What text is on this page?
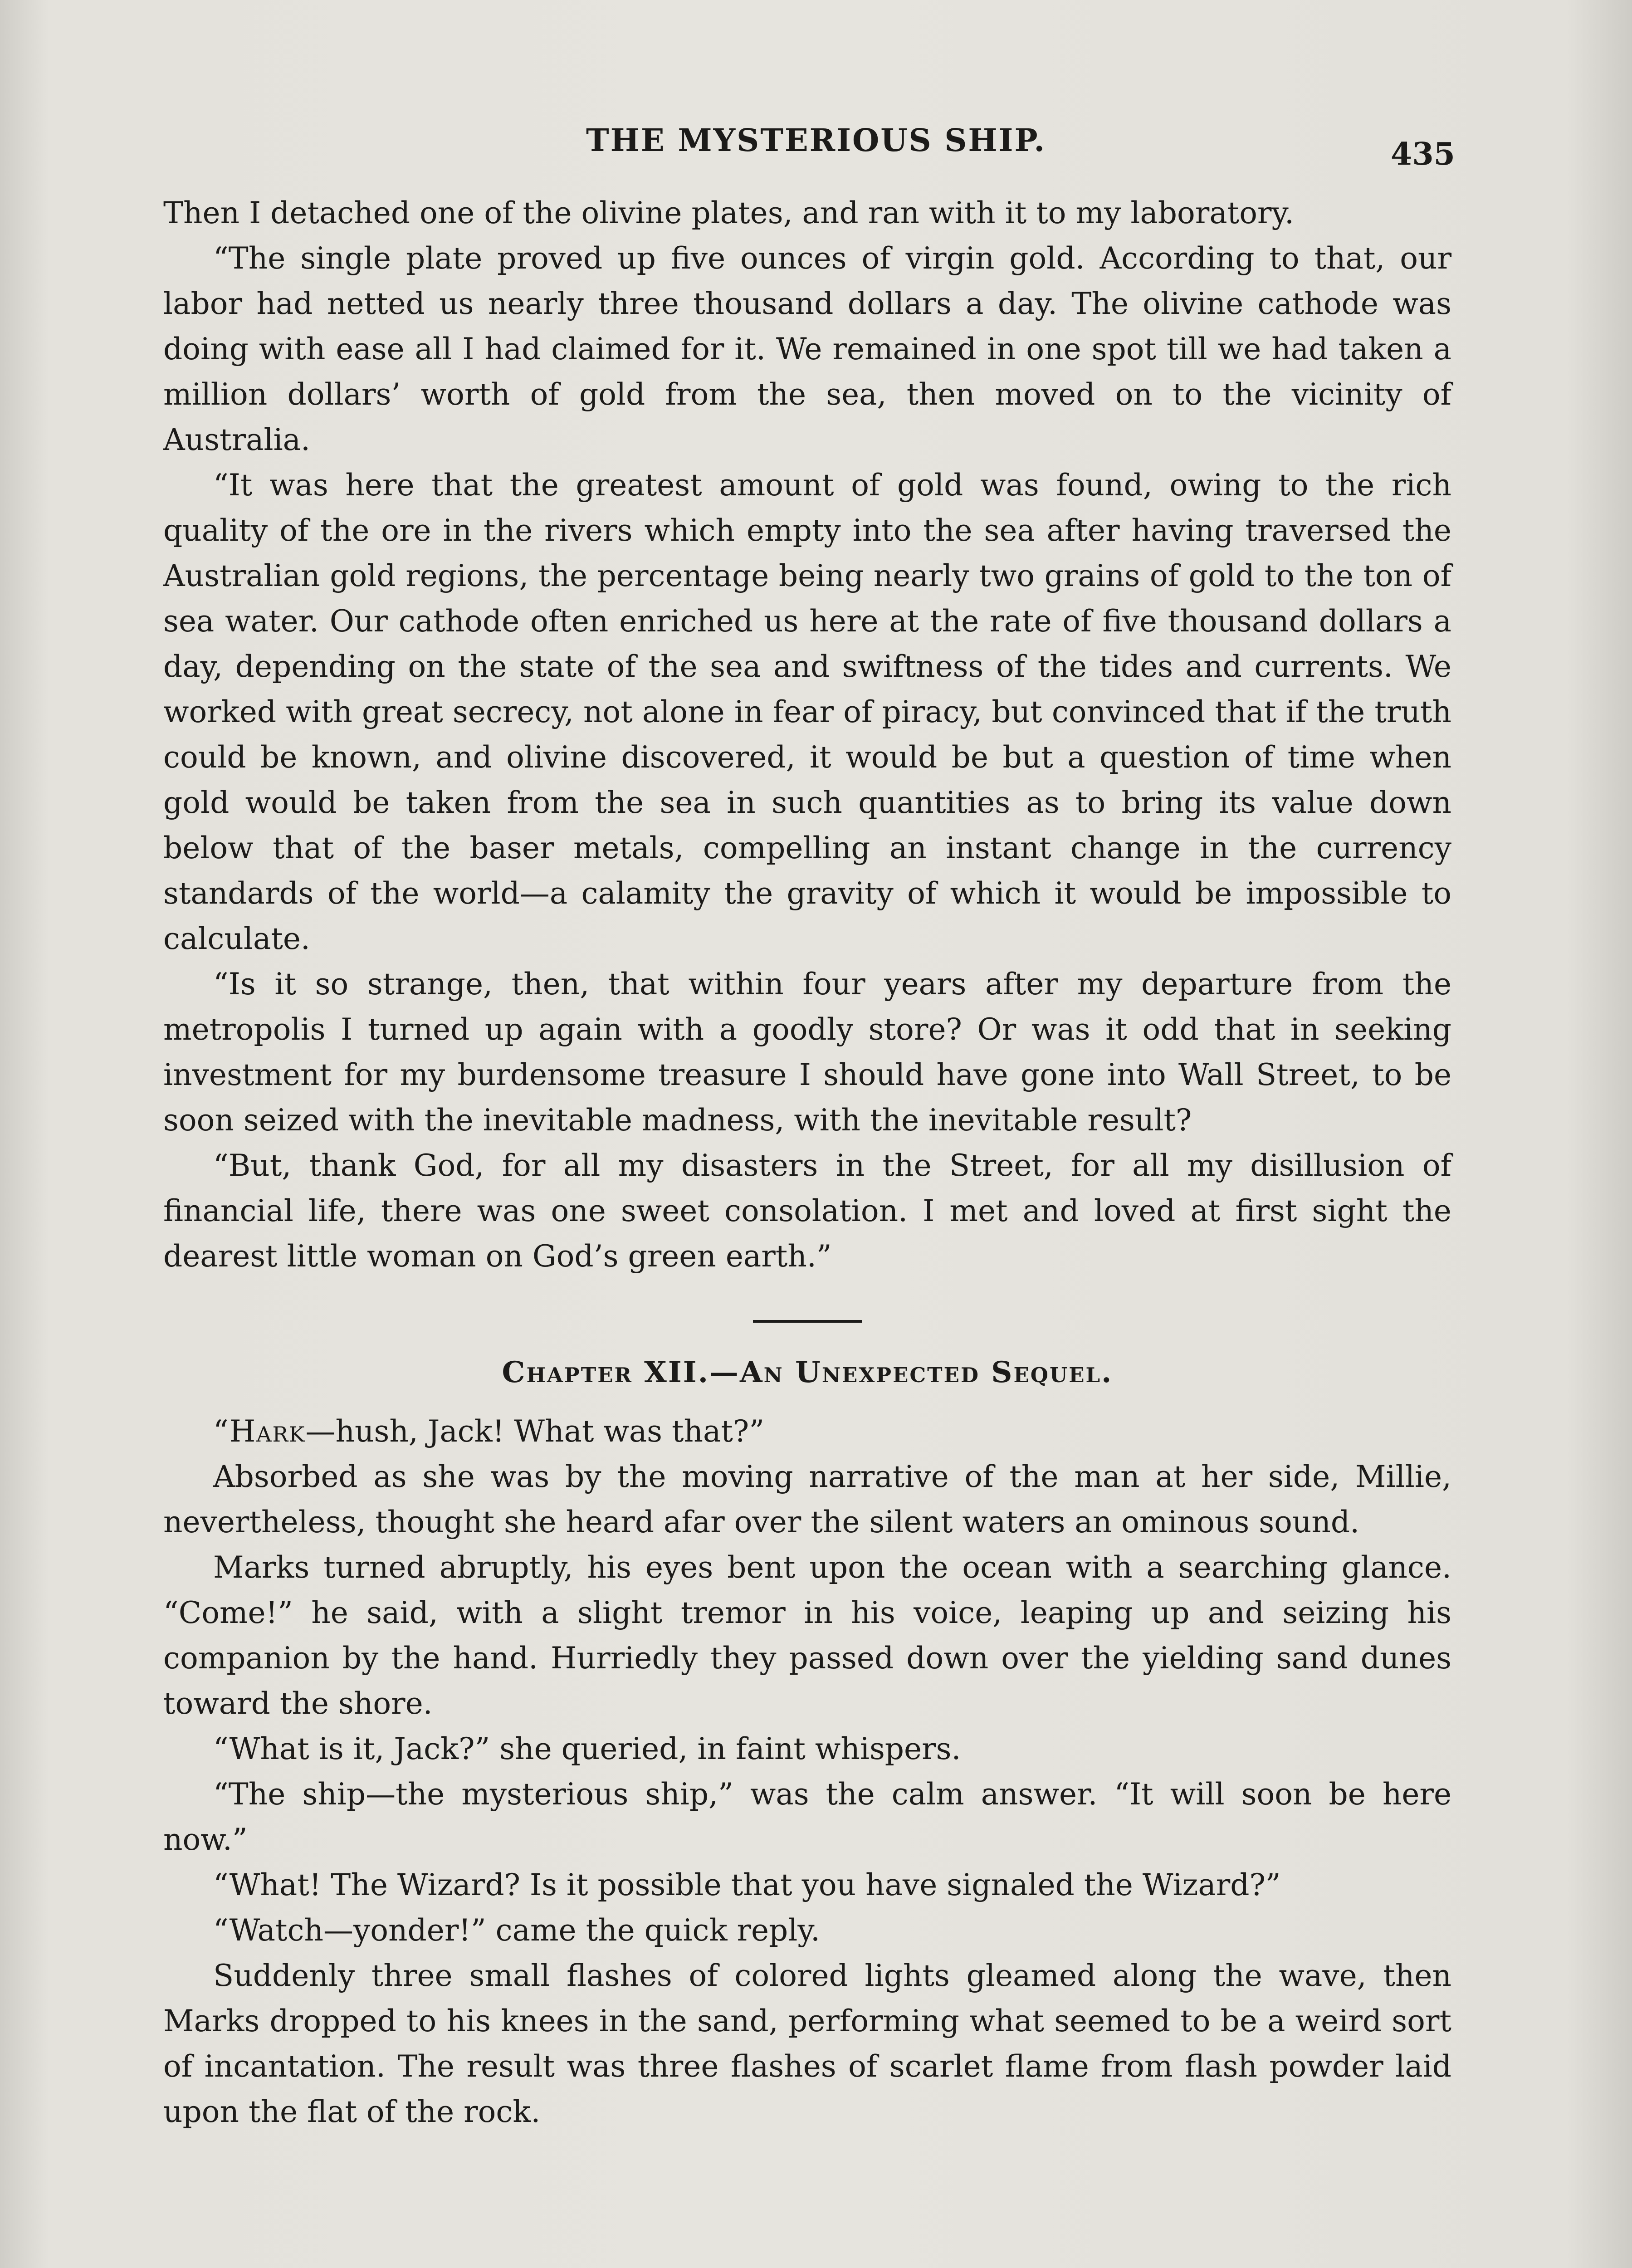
THE MYSTERIOUS SHIP.	435

Then I detached one of the olivine plates, and ran with it to my laboratory.

“The single plate proved up five ounces of virgin gold. According to that, our labor had netted us nearly three thousand dollars a day. The olivine cathode was doing with ease all I had claimed for it. We remained in one spot till we had taken a million dollars’ worth of gold from the sea, then moved on to the vicinity of Australia.

“It was here that the greatest amount of gold was found, owing to the rich quality of the ore in the rivers which empty into the sea after having traversed the Australian gold regions, the percentage being nearly two grains of gold to the ton of sea water. Our cathode often enriched us here at the rate of five thousand dollars a day, depending on the state of the sea and swiftness of the tides and currents. We worked with great secrecy, not alone in fear of piracy, but convinced that if the truth could be known, and olivine discovered, it would be but a question of time when gold would be taken from the sea in such quantities as to bring its value down below that of the baser metals, compelling an instant change in the currency standards of the world—a calamity the gravity of which it would be impossible to calculate.

“Is it so strange, then, that within four years after my departure from the metropolis I turned up again with a goodly store? Or was it odd that in seeking investment for my burdensome treasure I should have gone into Wall Street, to be soon seized with the inevitable madness, with the inevitable result?

“But, thank God, for all my disasters in the Street, for all my disillusion of financial life, there was one sweet consolation. I met and loved at first sight the dearest little woman on God’s green earth.”

Chapter XII.—An Unexpected Sequel.

“Hark—hush, Jack! What was that?”

Absorbed as she was by the moving narrative of the man at her side, Millie, nevertheless, thought she heard afar over the silent waters an ominous sound.

Marks turned abruptly, his eyes bent upon the ocean with a searching glance. “Come!” he said, with a slight tremor in his voice, leaping up and seizing his companion by the hand. Hurriedly they passed down over the yielding sand dunes toward the shore.

“What is it, Jack?” she queried, in faint whispers.

“The ship—the mysterious ship,” was the calm answer. “It will soon be here now.”

“What! The Wizard? Is it possible that you have signaled the Wizard?”

“Watch—yonder!” came the quick reply.

Suddenly three small flashes of colored lights gleamed along the wave, then Marks dropped to his knees in the sand, performing what seemed to be a weird sort of incantation. The result was three flashes of scarlet flame from flash powder laid upon the flat of the rock.
